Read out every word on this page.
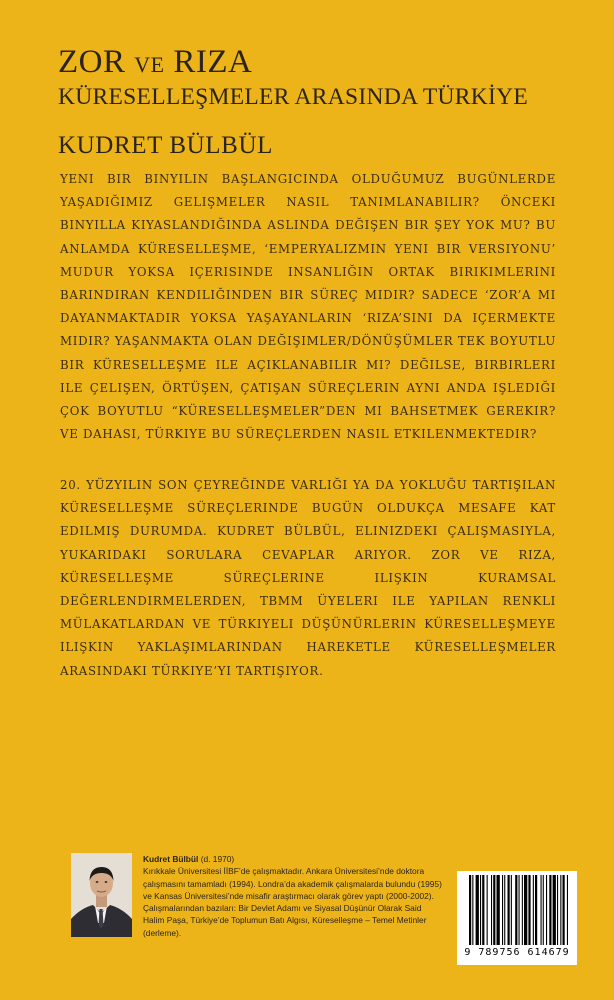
ZOR VE RIZA
KÜRESELLEŞMELER ARASINDA TÜRKİYE
KUDRET BÜLBÜL

YENI BIR BINYILIN BAŞLANGICINDA OLDUĞUMUZ BUGÜNLERDE YAŞADIĞIMIZ GELIŞMELER NASIL TANIMLANABILIR? ÖNCEKI BINYILLA KIYASLANDIĞINDA ASLINDA DEĞIŞEN BIR ŞEY YOK MU? BU ANLAMDA KÜRESELLEŞME, ‘EMPERYALIZMIN YENI BIR VERSIYONU’ MUDUR YOKSA IÇERISINDE INSANLIĞIN ORTAK BIRIKIMLERINI BARINDIRAN KENDILIĞINDEN BIR SÜREÇ MIDIR? SADECE ‘ZOR’A MI DAYANMAKTADIR YOKSA YAŞAYANLARIN ‘RIZA’SINI DA IÇERMEKTE MIDIR? YAŞANMAKTA OLAN DEĞIŞIMLER/DÖNÜŞÜMLER TEK BOYUTLU BIR KÜRESELLEŞME ILE AÇIKLANABILIR MI? DEĞILSE, BIRBIRLERI ILE ÇELIŞEN, ÖRTÜŞEN, ÇATIŞAN SÜREÇLERIN AYNI ANDA IŞLEDIĞI ÇOK BOYUTLU “KÜRESELLEŞMELER”DEN MI BAHSETMEK GEREKIR? VE DAHASI, TÜRKIYE BU SÜREÇLERDEN NASIL ETKILENMEKTEDIR?

20. YÜZYILIN SON ÇEYREĞINDE VARLIĞI YA DA YOKLUĞU TARTIŞILAN KÜRESELLEŞME SÜREÇLERINDE BUGÜN OLDUKÇA MESAFE KAT EDILMIŞ DURUMDA. KUDRET BÜLBÜL, ELINIZDEKI ÇALIŞMASIYLA, YUKARIDAKI SORULARA CEVAPLAR ARIYOR. ZOR VE RIZA, KÜRESELLEŞME SÜREÇLERINE ILIŞKIN KURAMSAL DEĞERLENDIRMELERDEN, TBMM ÜYELERI ILE YAPILAN RENKLI MÜLAKATLARDAN VE TÜRKIYELI DÜŞÜNÜRLERIN KÜRESELLEŞMEYE ILIŞKIN YAKLAŞIMLARINDAN HAREKETLE KÜRESELLEŞMELER ARASINDAKI TÜRKIYE’YI TARTIŞIYOR.

Kudret Bülbül (d. 1970)
Kırıkkale Üniversitesi İİBF’de çalışmaktadır. Ankara Üniversitesi’nde doktora çalışmasını tamamladı (1994). Londra’da akademik çalışmalarda bulundu (1995) ve Kansas Üniversitesi’nde misafir araştırmacı olarak görev yaptı (2000-2002). Çalışmalarından bazıları: Bir Devlet Adamı ve Siyasal Düşünür Olarak Said Halim Paşa, Türkiye’de Toplumun Batı Algısı, Küreselleşme – Temel Metinler (derleme).

9 789756 614679
